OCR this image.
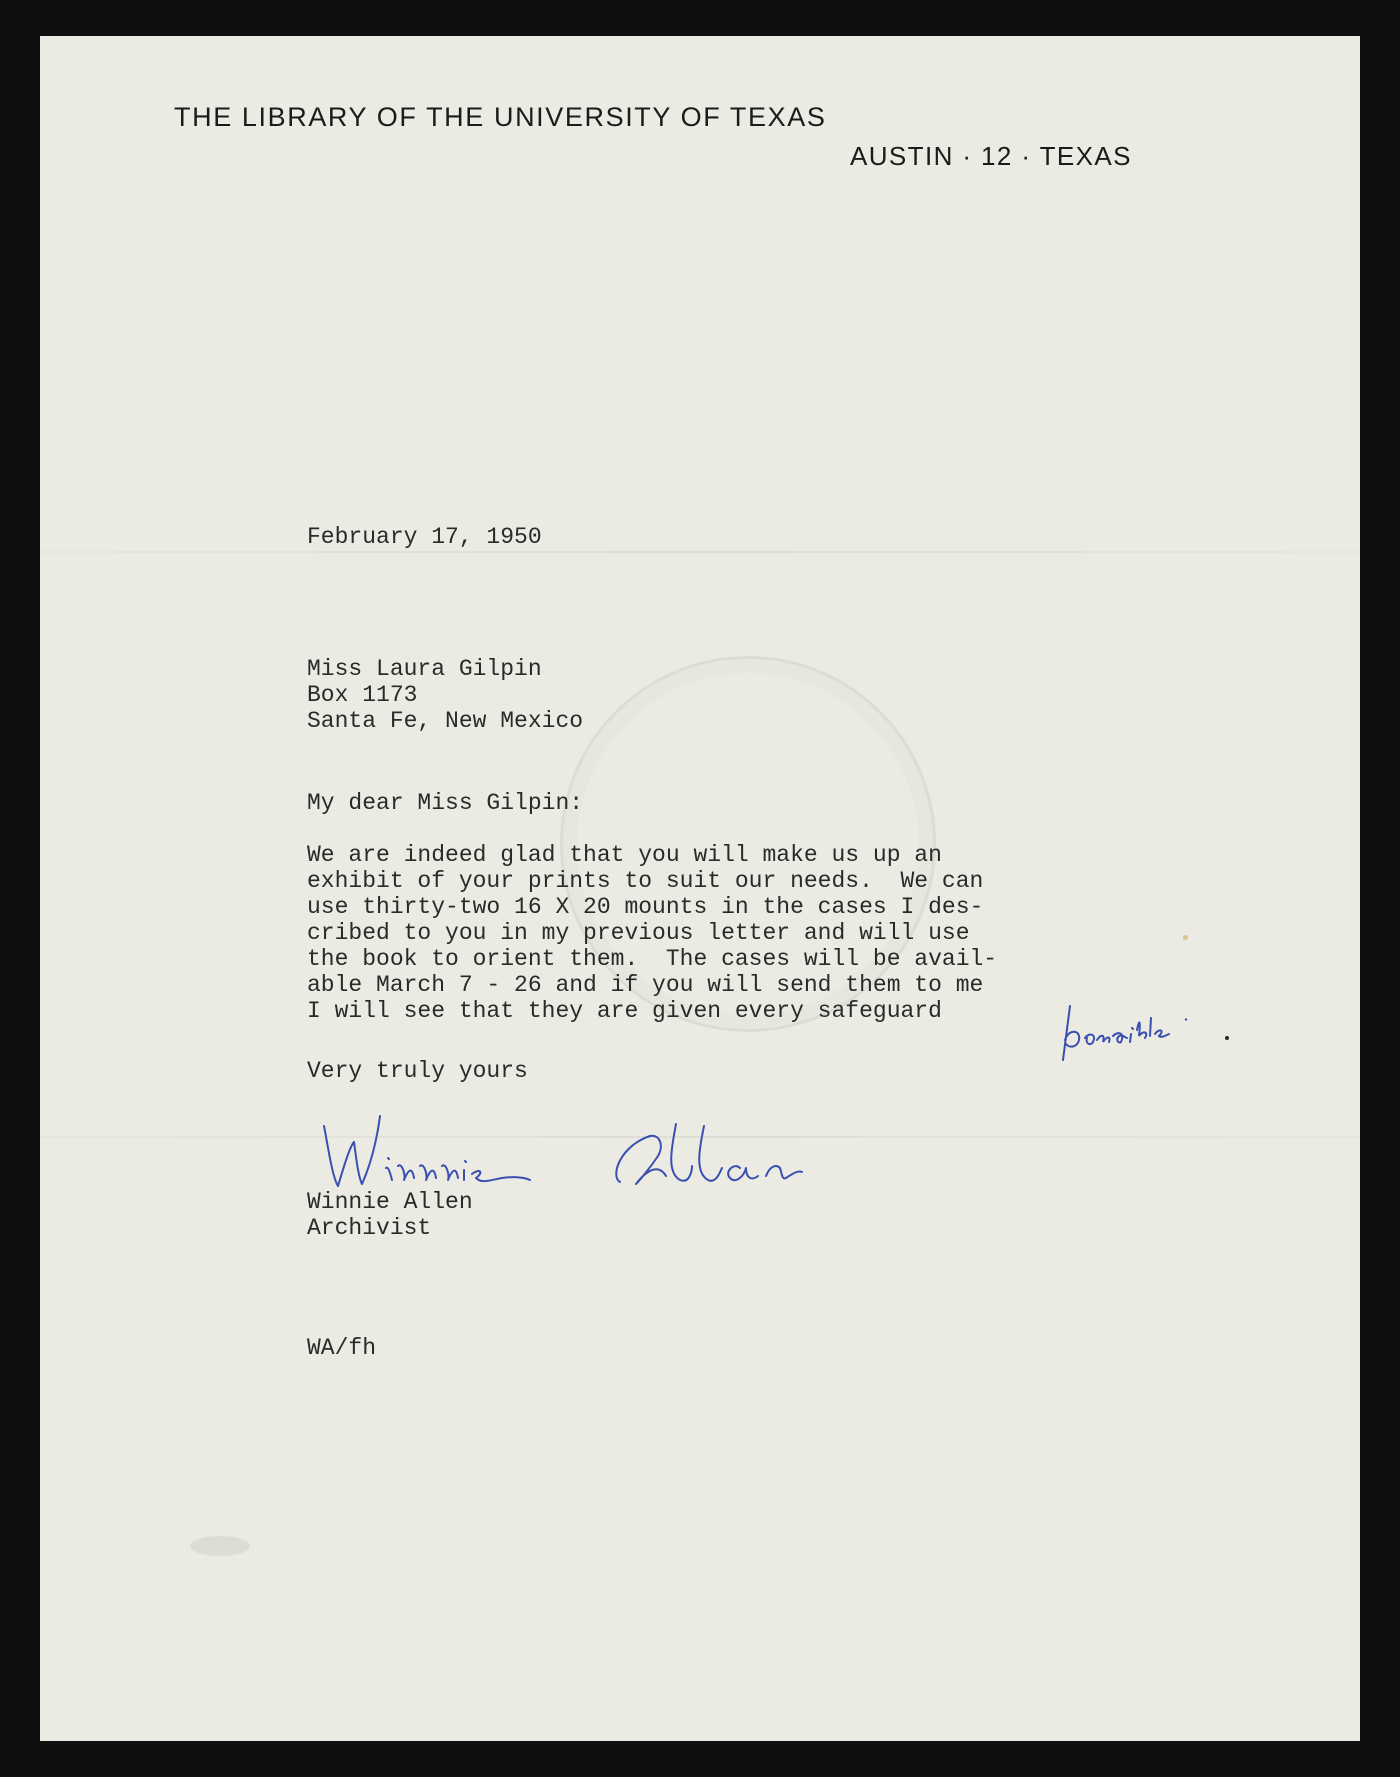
THE LIBRARY OF THE UNIVERSITY OF TEXAS
AUSTIN · 12 · TEXAS
February 17, 1950
Miss Laura Gilpin
Box 1173
Santa Fe, New Mexico
My dear Miss Gilpin:
We are indeed glad that you will make us up an
exhibit of your prints to suit our needs.  We can
use thirty-two 16 X 20 mounts in the cases I des-
cribed to you in my previous letter and will use
the book to orient them.  The cases will be avail-
able March 7 - 26 and if you will send them to me
I will see that they are given every safeguard
Very truly yours
Winnie Allen
Archivist
WA/fh
